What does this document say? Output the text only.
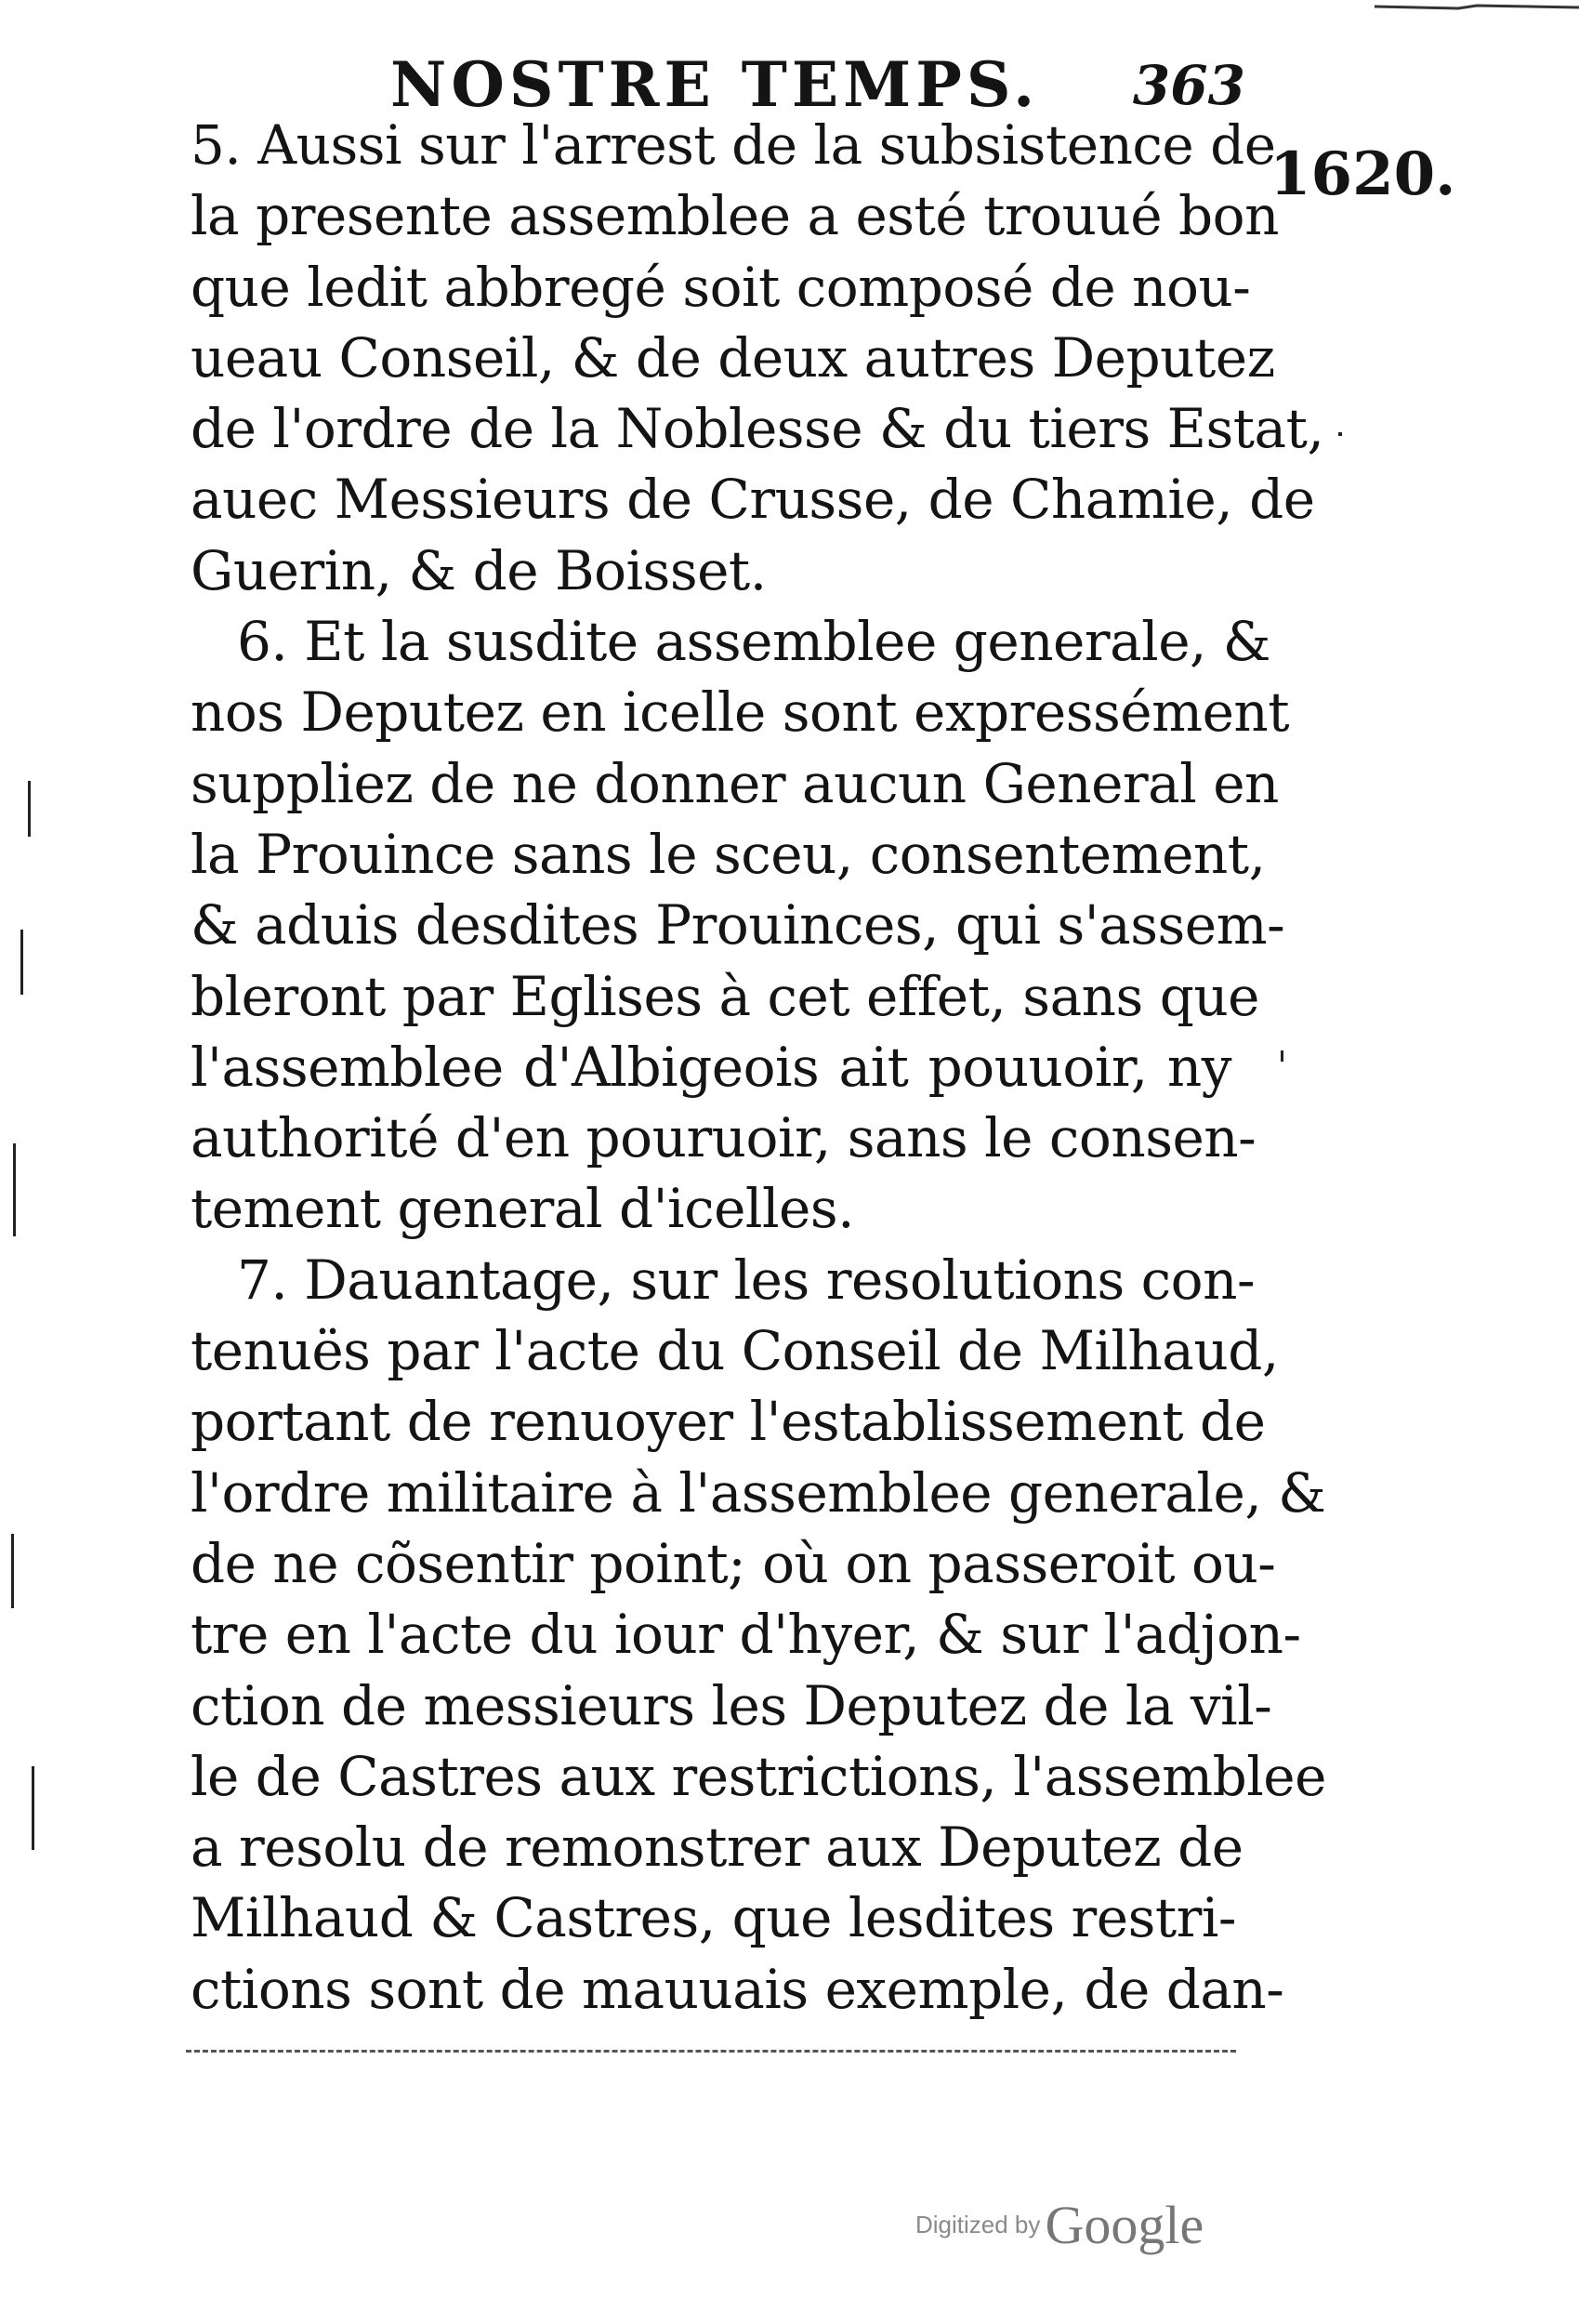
NOSTRE TEMPS. 363
1620.
5. Aussi sur l'arrest de la subsistence de
la presente assemblee a esté trouué bon
que ledit abbregé soit composé de nou-
ueau Conseil, & de deux autres Deputez
de l'ordre de la Noblesse & du tiers Estat,
auec Messieurs de Crusse, de Chamie, de
Guerin, & de Boisset.
6. Et la susdite assemblee generale, &
nos Deputez en icelle sont expressément
suppliez de ne donner aucun General en
la Prouince sans le sceu, consentement,
& aduis desdites Prouinces, qui s'assem-
bleront par Eglises à cet effet, sans que
l'assemblee d'Albigeois ait pouuoir, ny
authorité d'en pouruoir, sans le consen-
tement general d'icelles.
7. Dauantage, sur les resolutions con-
tenuës par l'acte du Conseil de Milhaud,
portant de renuoyer l'establissement de
l'ordre militaire à l'assemblee generale, &
de ne cõsentir point; où on passeroit ou-
tre en l'acte du iour d'hyer, & sur l'adjon-
ction de messieurs les Deputez de la vil-
le de Castres aux restrictions, l'assemblee
a resolu de remonstrer aux Deputez de
Milhaud & Castres, que lesdites restri-
ctions sont de mauuais exemple, de dan-
Digitized by Google
